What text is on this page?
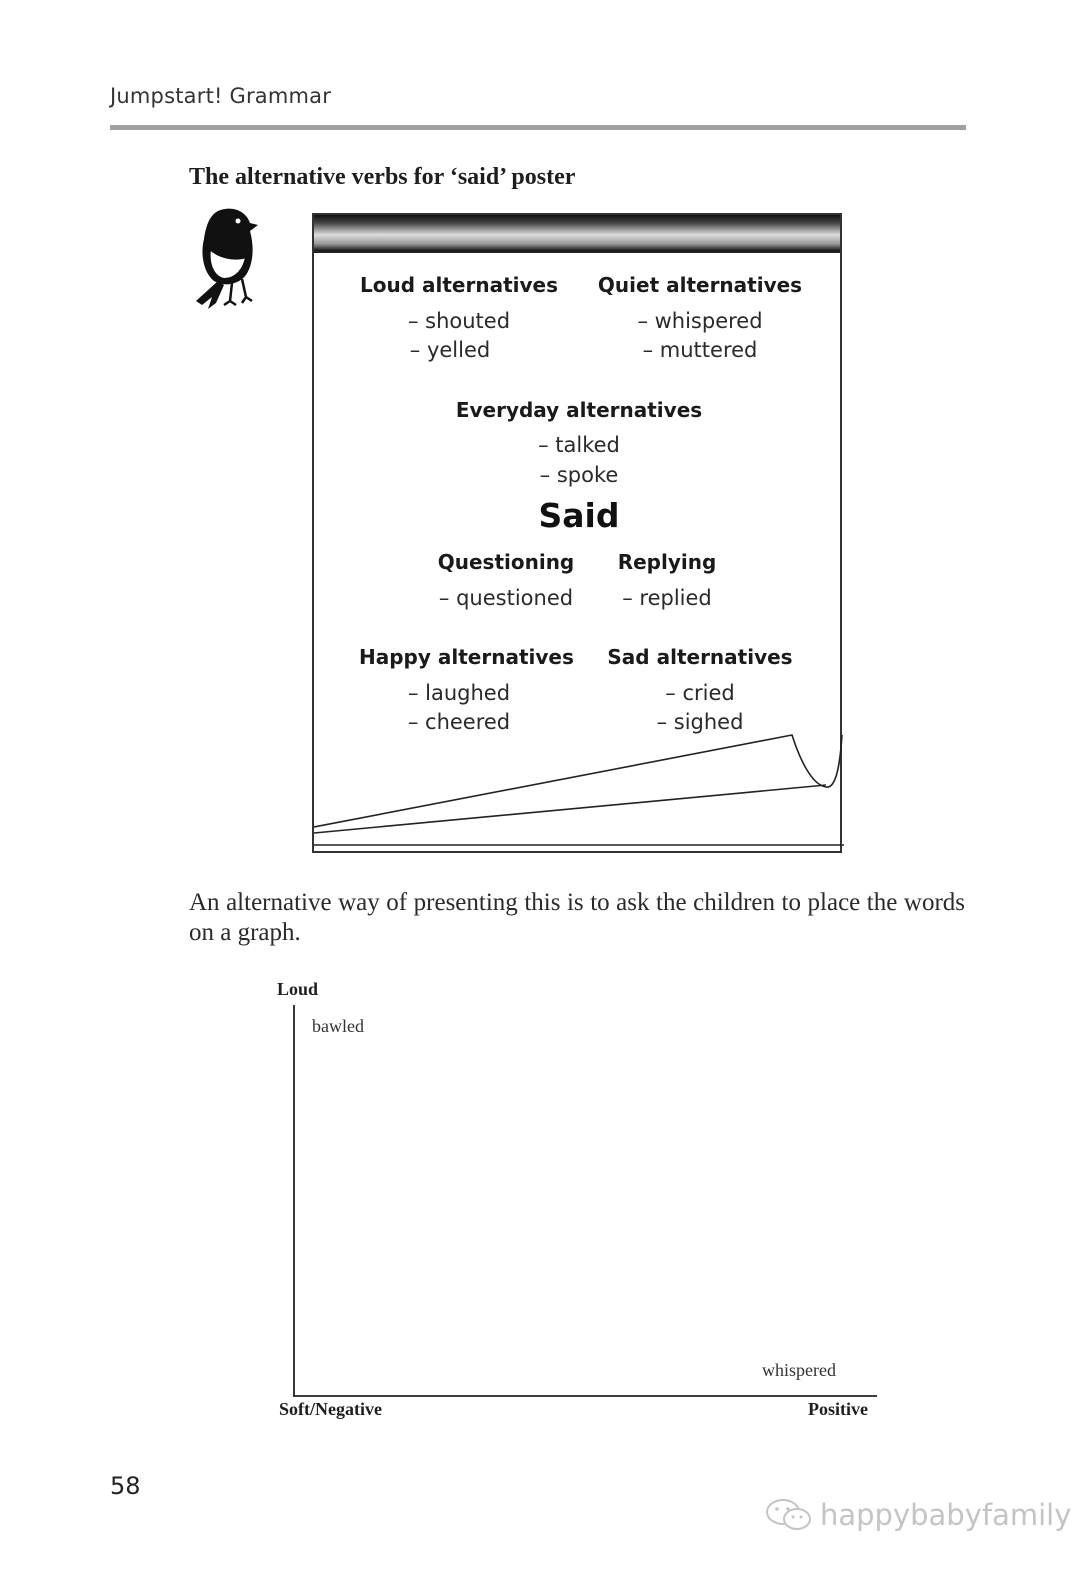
Jumpstart! Grammar
The alternative verbs for ‘said’ poster
Loud alternatives
– shouted
– yelled
Quiet alternatives
– whispered
– muttered
Everyday alternatives
– talked
– spoke
Said
Questioning
– questioned
Replying
– replied
Happy alternatives
– laughed
– cheered
Sad alternatives
– cried
– sighed
An alternative way of presenting this is to ask the children to place the words on a graph.
Loud
Soft/Negative	Positive
bawled
whispered
58
happybabyfamily
